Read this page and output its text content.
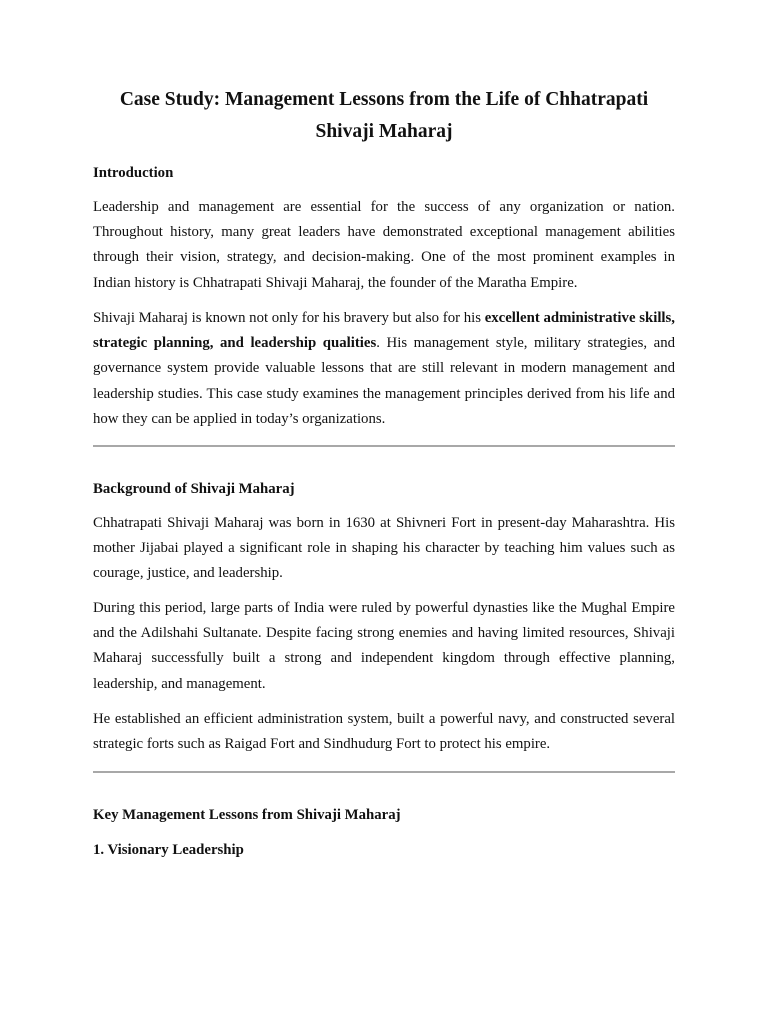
Case Study: Management Lessons from the Life of Chhatrapati Shivaji Maharaj
Introduction

Leadership and management are essential for the success of any organization or nation. Throughout history, many great leaders have demonstrated exceptional management abilities through their vision, strategy, and decision-making. One of the most prominent examples in Indian history is Chhatrapati Shivaji Maharaj, the founder of the Maratha Empire.

Shivaji Maharaj is known not only for his bravery but also for his excellent administrative skills, strategic planning, and leadership qualities. His management style, military strategies, and governance system provide valuable lessons that are still relevant in modern management and leadership studies. This case study examines the management principles derived from his life and how they can be applied in today’s organizations.

Background of Shivaji Maharaj

Chhatrapati Shivaji Maharaj was born in 1630 at Shivneri Fort in present-day Maharashtra. His mother Jijabai played a significant role in shaping his character by teaching him values such as courage, justice, and leadership.

During this period, large parts of India were ruled by powerful dynasties like the Mughal Empire and the Adilshahi Sultanate. Despite facing strong enemies and having limited resources, Shivaji Maharaj successfully built a strong and independent kingdom through effective planning, leadership, and management.

He established an efficient administration system, built a powerful navy, and constructed several strategic forts such as Raigad Fort and Sindhudurg Fort to protect his empire.

Key Management Lessons from Shivaji Maharaj
1. Visionary Leadership
